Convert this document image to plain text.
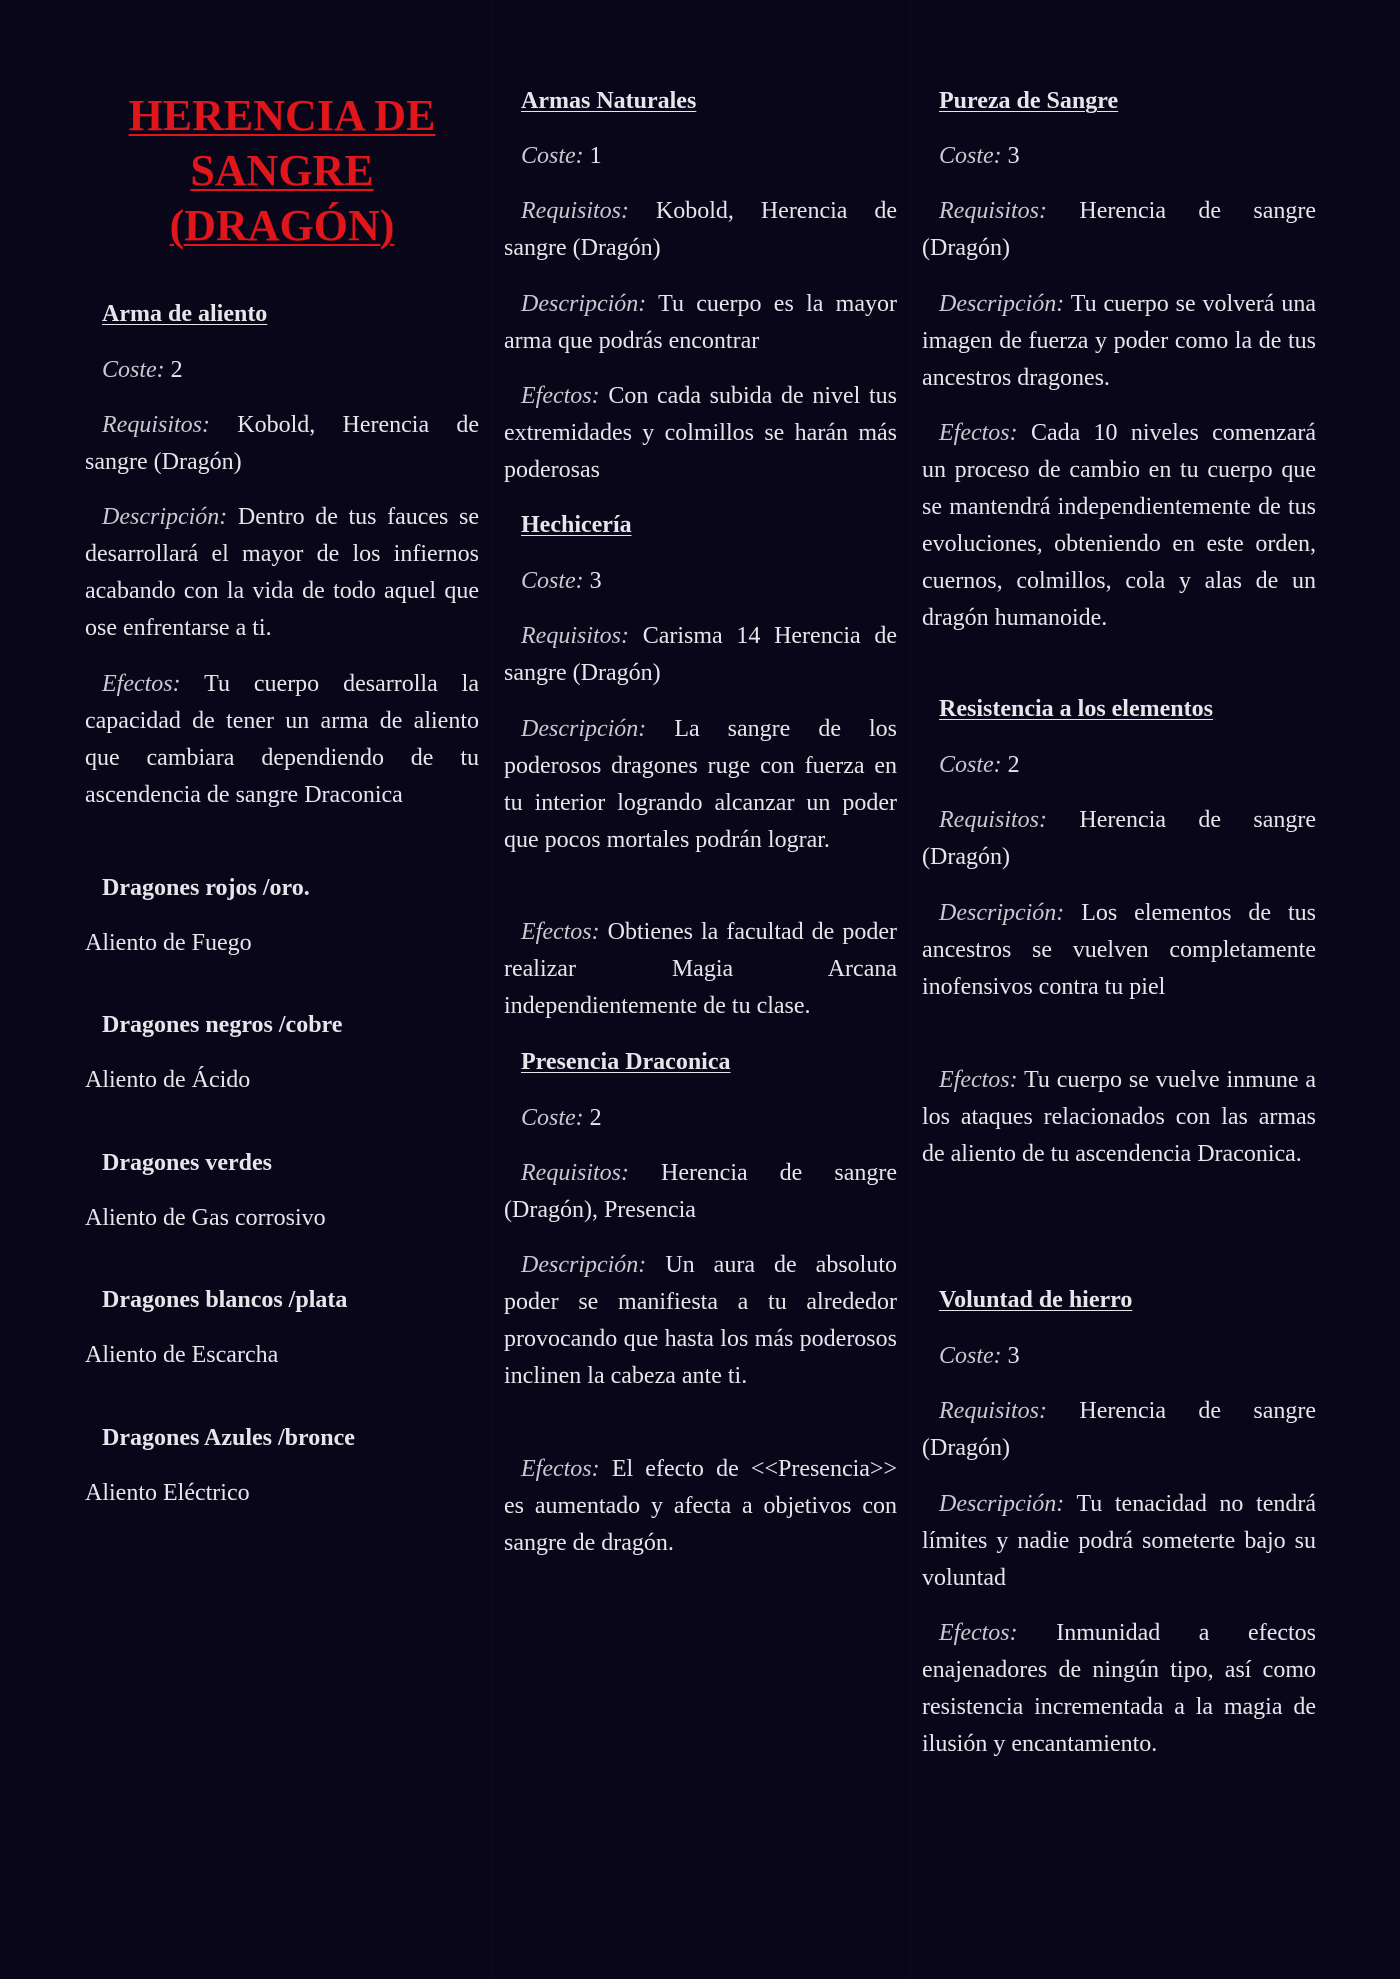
HERENCIA DE SANGRE (DRAGÓN)
Arma de aliento

Coste: 2

Requisitos: Kobold, Herencia de sangre (Dragón)

Descripción: Dentro de tus fauces se desarrollará el mayor de los infiernos acabando con la vida de todo aquel que ose enfrentarse a ti.

Efectos: Tu cuerpo desarrolla la capacidad de tener un arma de aliento que cambiara dependiendo de tu ascendencia de sangre Draconica

Dragones rojos /oro.

Aliento de Fuego

Dragones negros /cobre

Aliento de Ácido

Dragones verdes

Aliento de Gas corrosivo

Dragones blancos /plata

Aliento de Escarcha

Dragones Azules /bronce

Aliento Eléctrico

Armas Naturales

Coste: 1

Requisitos: Kobold, Herencia de sangre (Dragón)

Descripción: Tu cuerpo es la mayor arma que podrás encontrar

Efectos: Con cada subida de nivel tus extremidades y colmillos se harán más poderosas

Hechicería

Coste: 3

Requisitos: Carisma 14 Herencia de sangre (Dragón)

Descripción: La sangre de los poderosos dragones ruge con fuerza en tu interior logrando alcanzar un poder que pocos mortales podrán lograr.

Efectos: Obtienes la facultad de poder realizar Magia Arcana independientemente de tu clase.

Presencia Draconica

Coste: 2

Requisitos: Herencia de sangre (Dragón), Presencia

Descripción: Un aura de absoluto poder se manifiesta a tu alrededor provocando que hasta los más poderosos inclinen la cabeza ante ti.

Efectos: El efecto de <<Presencia>> es aumentado y afecta a objetivos con sangre de dragón.

Pureza de Sangre

Coste: 3

Requisitos: Herencia de sangre (Dragón)

Descripción: Tu cuerpo se volverá una imagen de fuerza y poder como la de tus ancestros dragones.

Efectos: Cada 10 niveles comenzará un proceso de cambio en tu cuerpo que se mantendrá independientemente de tus evoluciones, obteniendo en este orden, cuernos, colmillos, cola y alas de un dragón humanoide.

Resistencia a los elementos

Coste: 2

Requisitos: Herencia de sangre (Dragón)

Descripción: Los elementos de tus ancestros se vuelven completamente inofensivos contra tu piel

Efectos: Tu cuerpo se vuelve inmune a los ataques relacionados con las armas de aliento de tu ascendencia Draconica.

Voluntad de hierro

Coste: 3

Requisitos: Herencia de sangre (Dragón)

Descripción: Tu tenacidad no tendrá límites y nadie podrá someterte bajo su voluntad

Efectos: Inmunidad a efectos enajenadores de ningún tipo, así como resistencia incrementada a la magia de ilusión y encantamiento.
